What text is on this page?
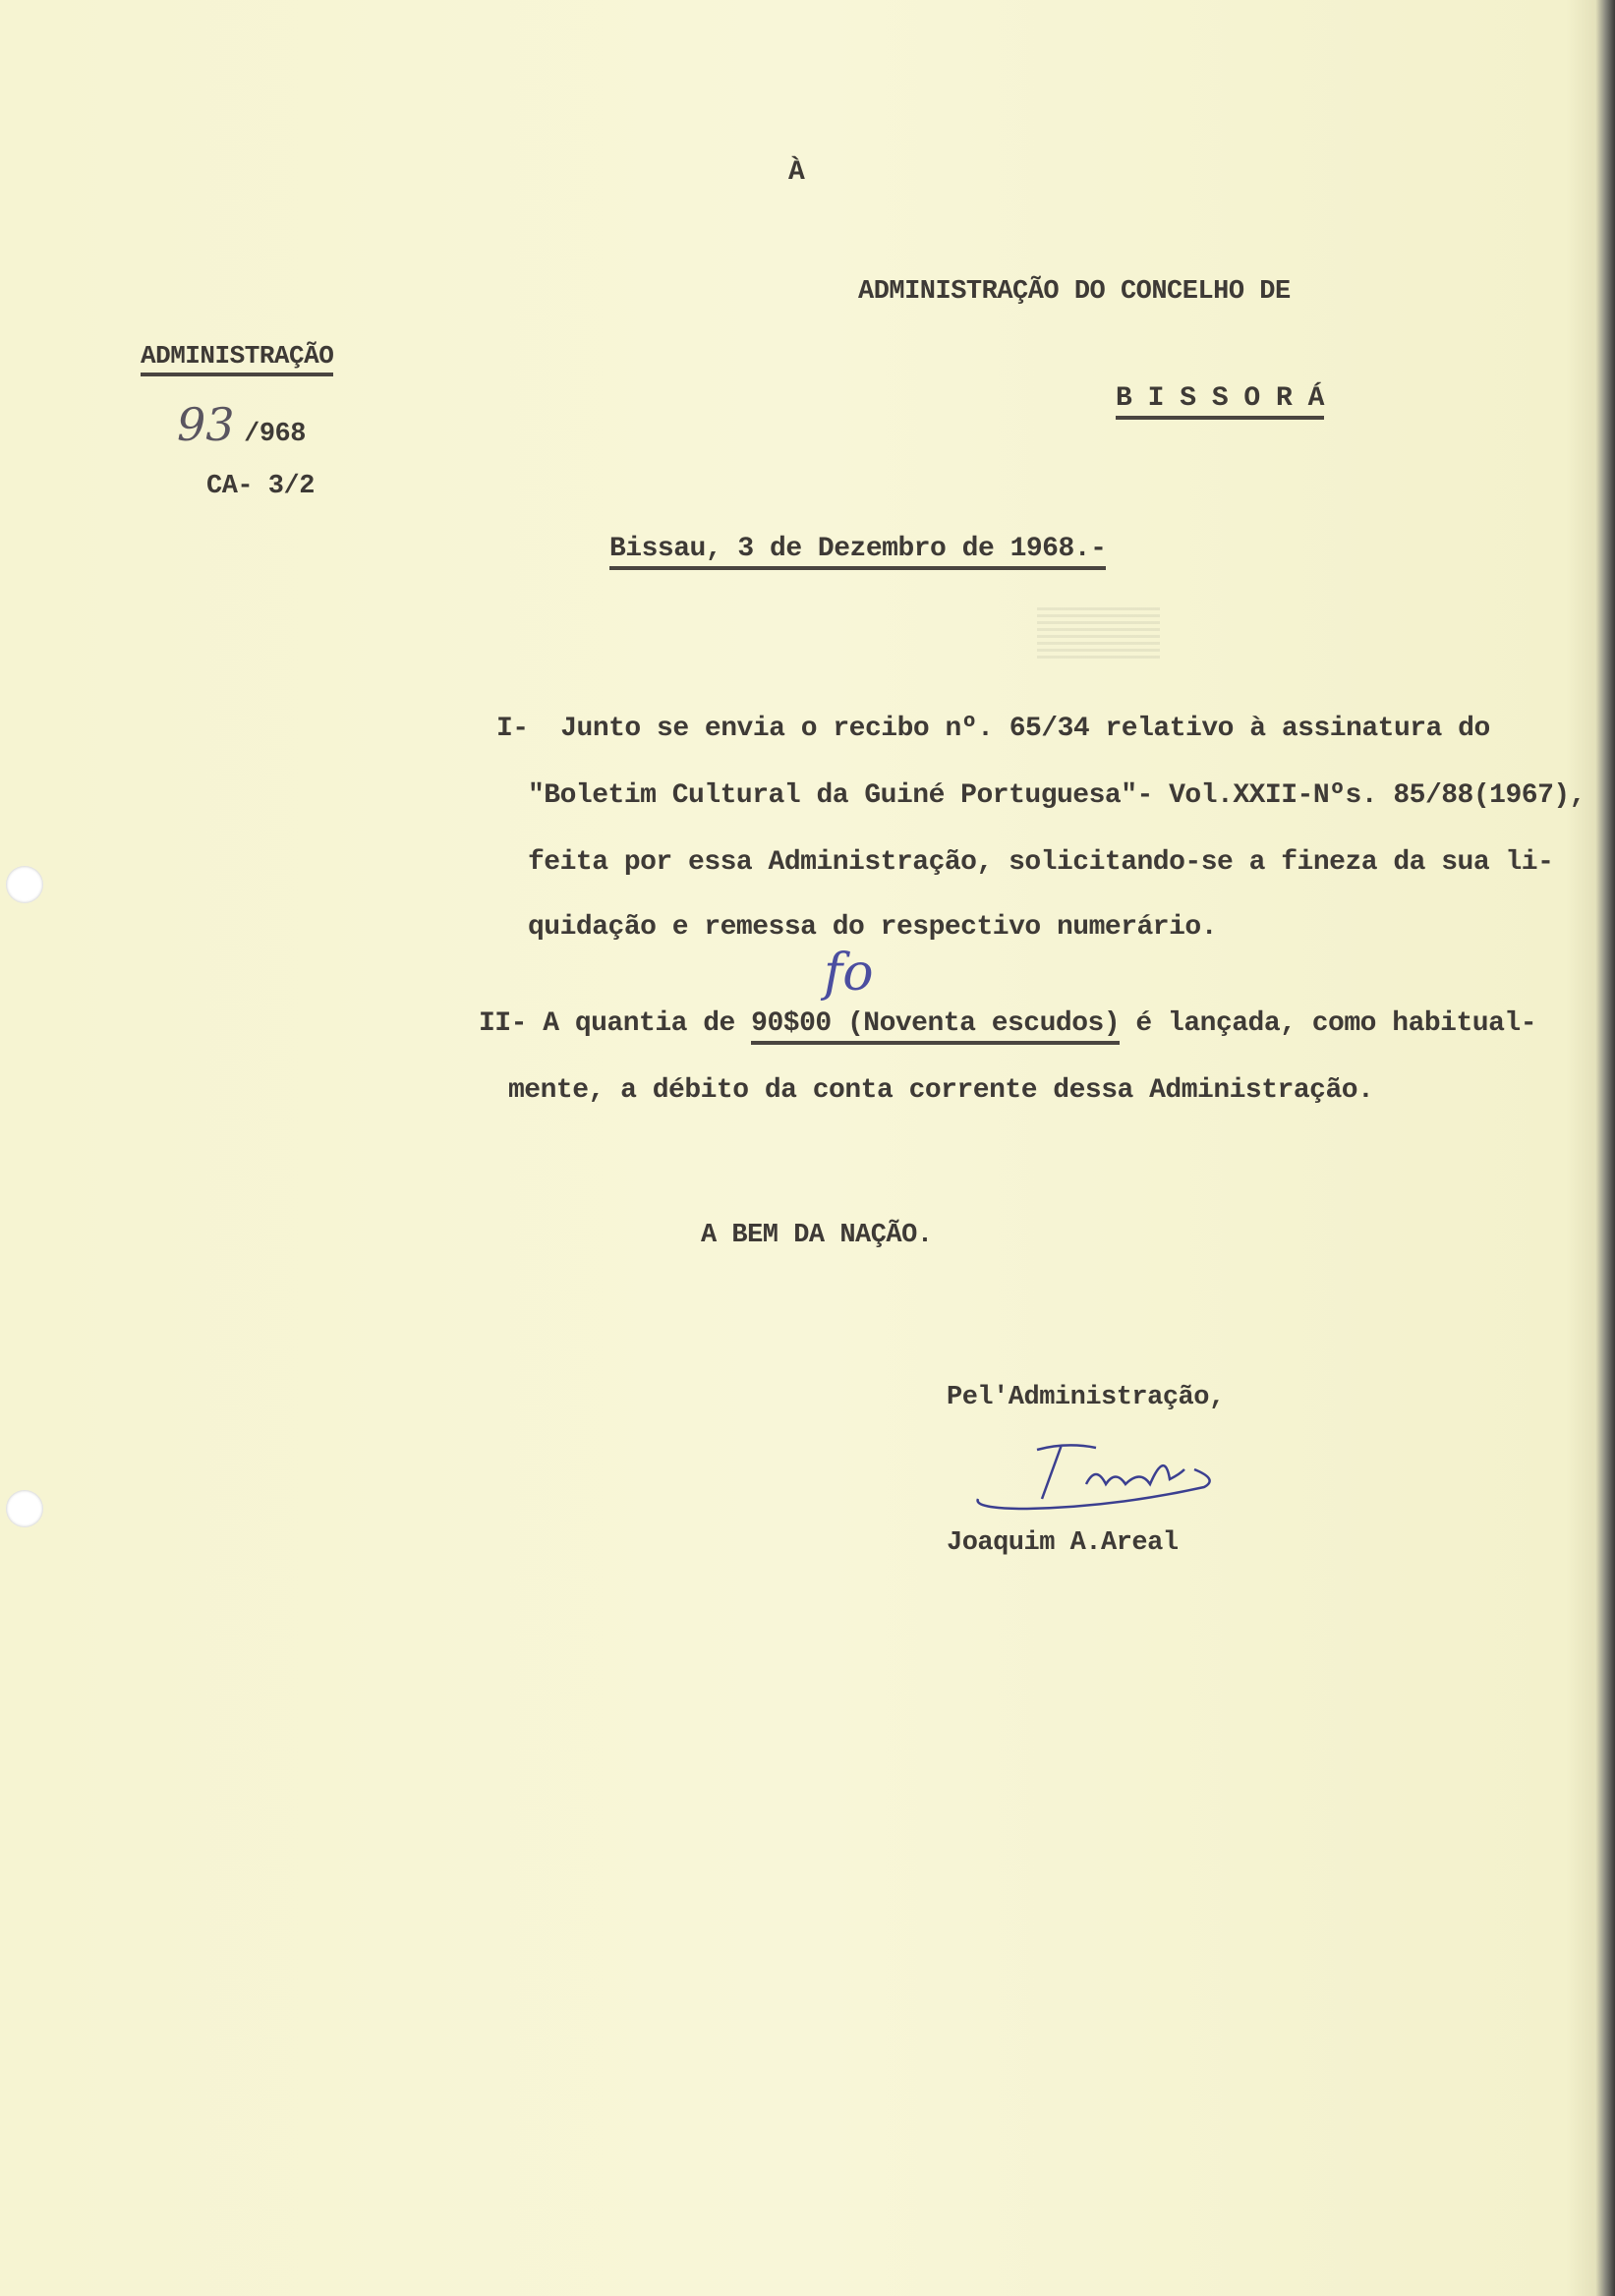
À
ADMINISTRAÇÃO DO CONCELHO DE
B I S S O R Á
ADMINISTRAÇÃO
93 /968
CA- 3/2
Bissau, 3 de Dezembro de 1968.-
I-  Junto se envia o recibo nº. 65/34 relativo à assinatura do
"Boletim Cultural da Guiné Portuguesa"- Vol.XXII-Nºs. 85/88(1967),
feita por essa Administração, solicitando-se a fineza da sua li-
quidação e remessa do respectivo numerário.
II- A quantia de 90$00 (Noventa escudos) é lançada, como habitual-
fo
mente, a débito da conta corrente dessa Administração.
A BEM DA NAÇÃO.
Pel'Administração,
Joaquim A.Areal
